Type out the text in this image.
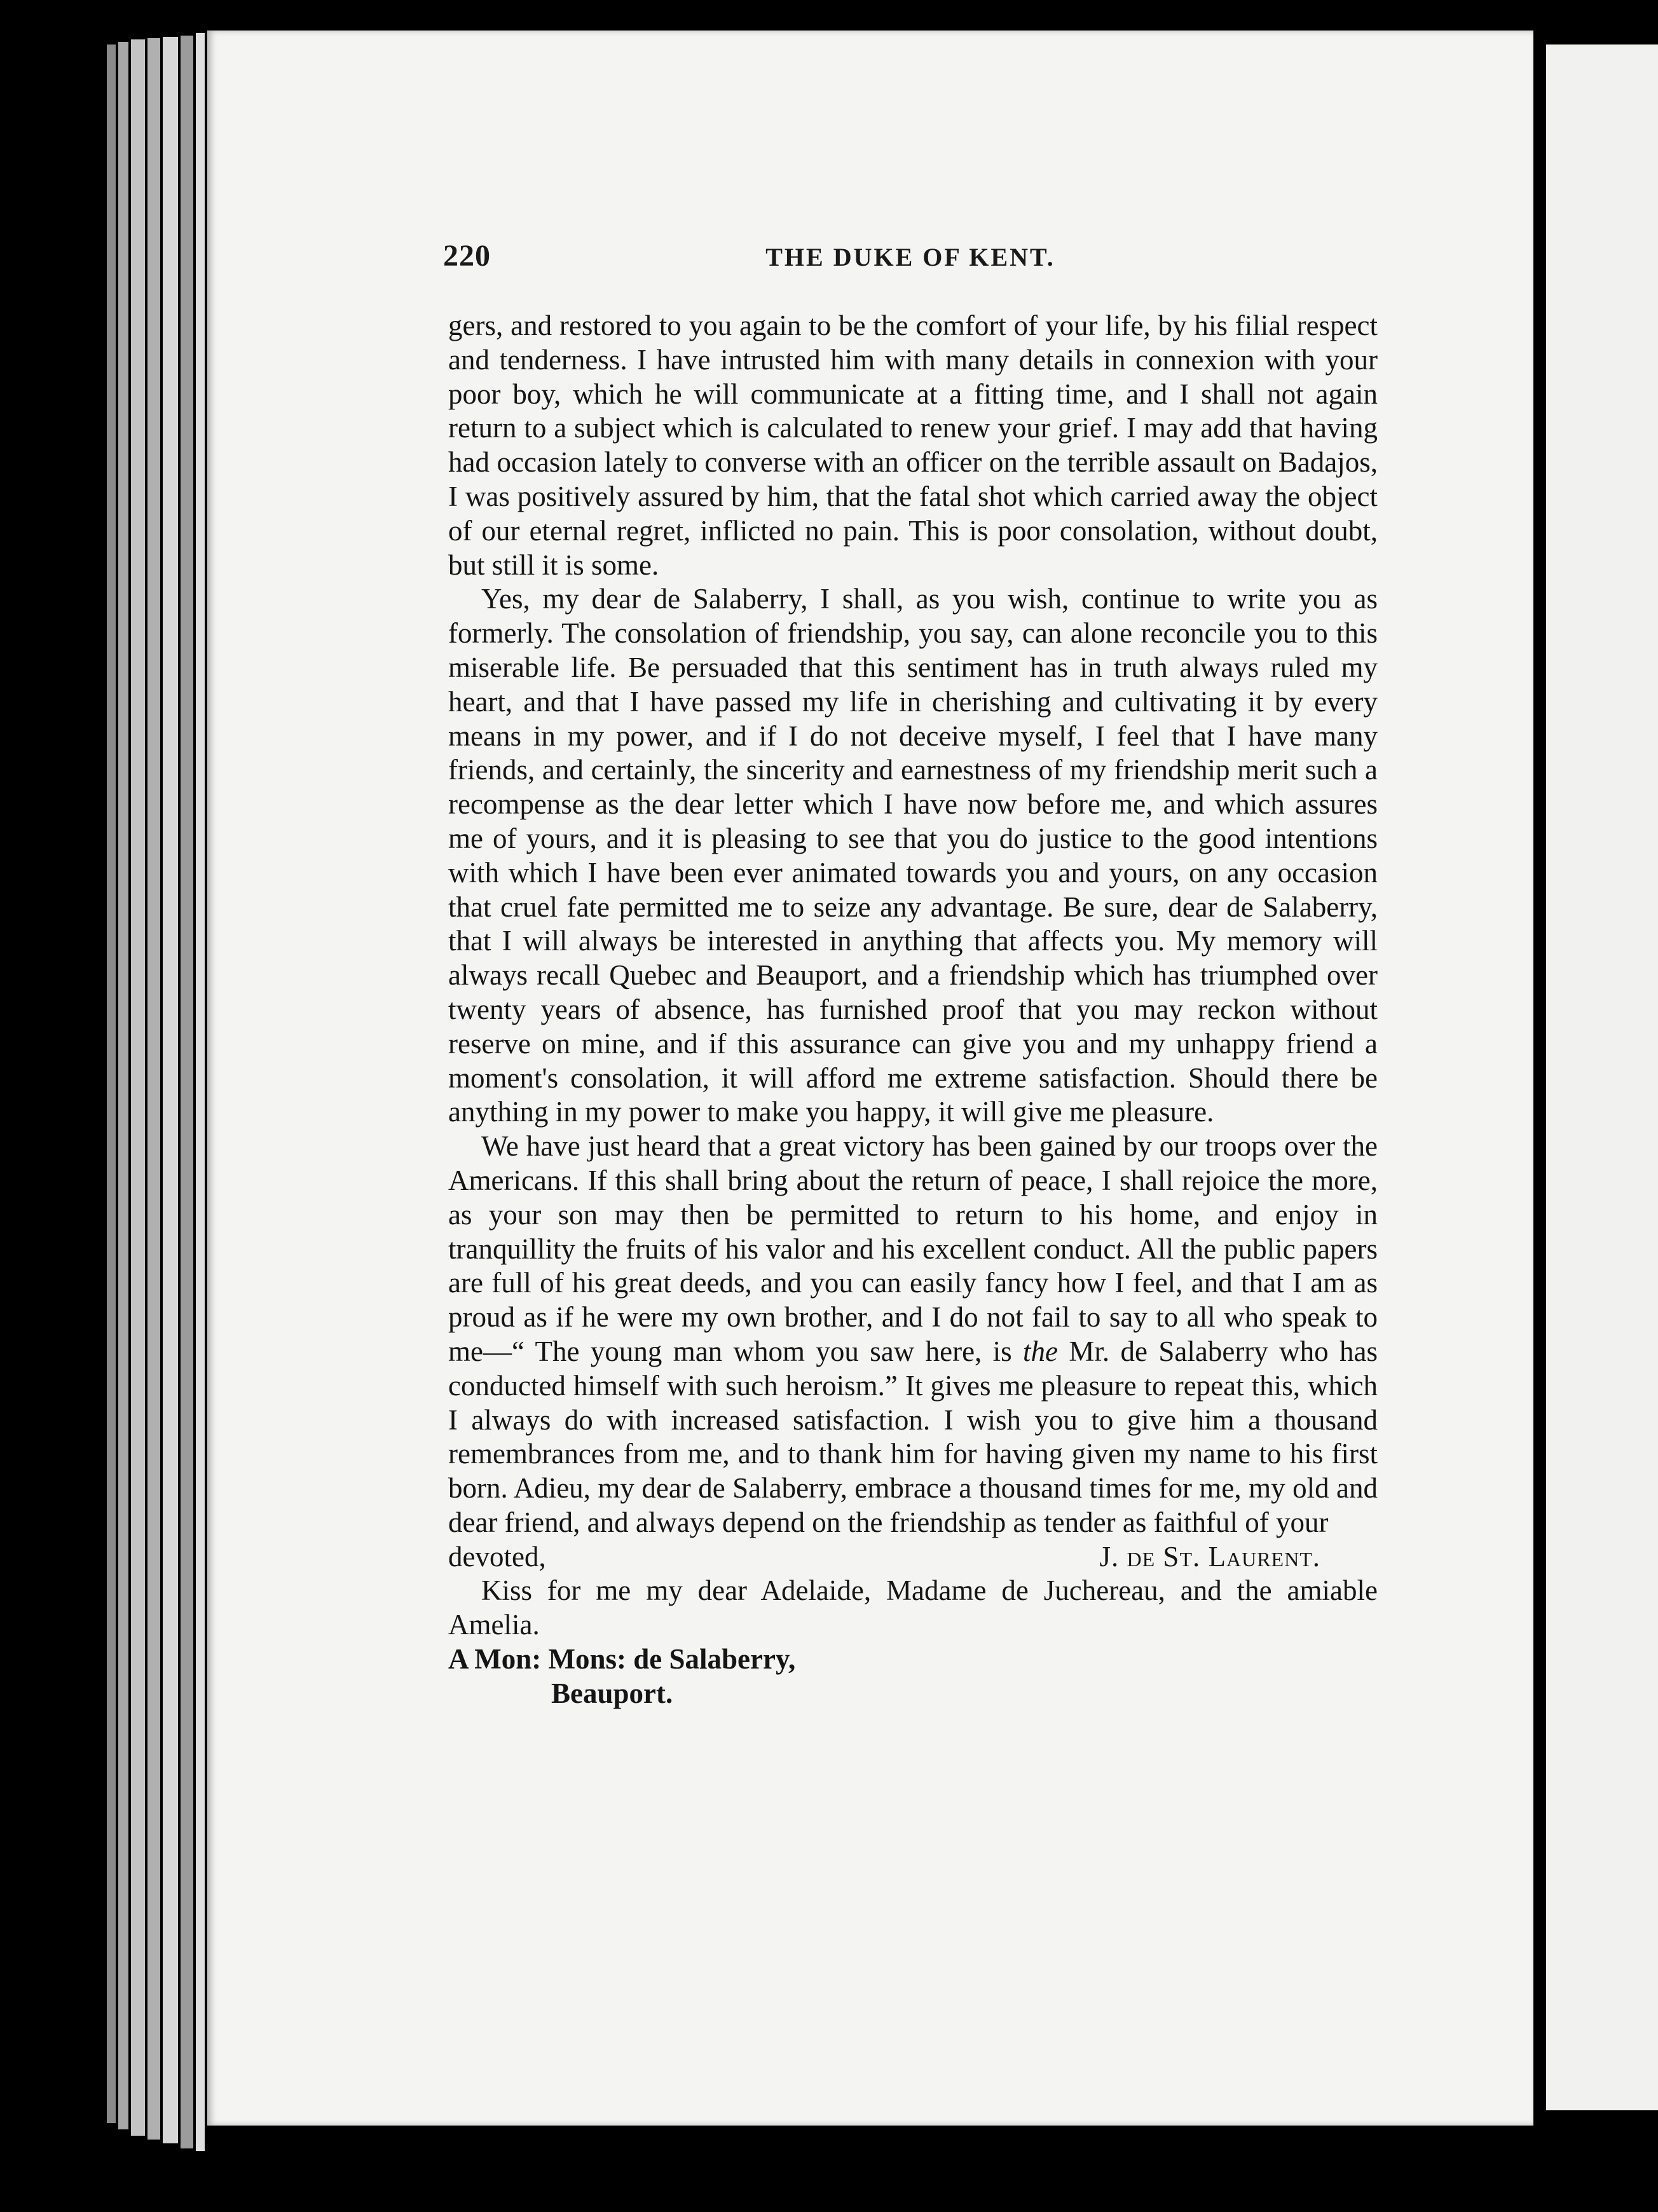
220	THE DUKE OF KENT.

gers, and restored to you again to be the comfort of your life, by his filial respect and tenderness. I have intrusted him with many details in connexion with your poor boy, which he will communicate at a fitting time, and I shall not again return to a subject which is calculated to renew your grief. I may add that having had occasion lately to converse with an officer on the terrible assault on Badajos, I was positively assured by him, that the fatal shot which carried away the object of our eternal regret, inflicted no pain. This is poor consolation, without doubt, but still it is some.

Yes, my dear de Salaberry, I shall, as you wish, continue to write you as formerly. The consolation of friendship, you say, can alone reconcile you to this miserable life. Be persuaded that this sentiment has in truth always ruled my heart, and that I have passed my life in cherishing and cultivating it by every means in my power, and if I do not deceive myself, I feel that I have many friends, and certainly, the sincerity and earnestness of my friendship merit such a recompense as the dear letter which I have now before me, and which assures me of yours, and it is pleasing to see that you do justice to the good intentions with which I have been ever animated towards you and yours, on any occasion that cruel fate permitted me to seize any advantage. Be sure, dear de Salaberry, that I will always be interested in anything that affects you. My memory will always recall Quebec and Beauport, and a friendship which has triumphed over twenty years of absence, has furnished proof that you may reckon without reserve on mine, and if this assurance can give you and my unhappy friend a moment's consolation, it will afford me extreme satisfaction. Should there be anything in my power to make you happy, it will give me pleasure.

We have just heard that a great victory has been gained by our troops over the Americans. If this shall bring about the return of peace, I shall rejoice the more, as your son may then be permitted to return to his home, and enjoy in tranquillity the fruits of his valor and his excellent conduct. All the public papers are full of his great deeds, and you can easily fancy how I feel, and that I am as proud as if he were my own brother, and I do not fail to say to all who speak to me—“ The young man whom you saw here, is the Mr. de Salaberry who has conducted himself with such heroism.” It gives me pleasure to repeat this, which I always do with increased satisfaction. I wish you to give him a thousand remembrances from me, and to thank him for having given my name to his first born. Adieu, my dear de Salaberry, embrace a thousand times for me, my old and dear friend, and always depend on the friendship as tender as faithful of your

devoted,	J. de St. Laurent.

Kiss for me my dear Adelaide, Madame de Juchereau, and the amiable Amelia.

A Mon: Mons: de Salaberry,

Beauport.
